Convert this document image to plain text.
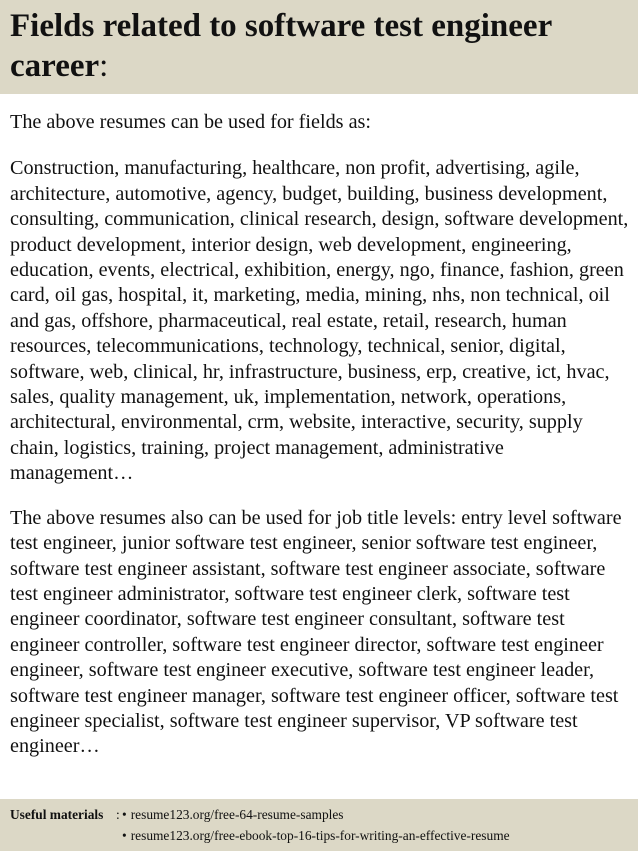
Fields related to software test engineer career:

The above resumes can be used for fields as:

Construction, manufacturing, healthcare, non profit, advertising, agile, architecture, automotive, agency, budget, building, business development, consulting, communication, clinical research, design, software development, product development, interior design, web development, engineering, education, events, electrical, exhibition, energy, ngo, finance, fashion, green card, oil gas, hospital, it, marketing, media, mining, nhs, non technical, oil and gas, offshore, pharmaceutical, real estate, retail, research, human resources, telecommunications, technology, technical, senior, digital, software, web, clinical, hr, infrastructure, business, erp, creative, ict, hvac, sales, quality management, uk, implementation, network, operations, architectural, environmental, crm, website, interactive, security, supply chain, logistics, training, project management, administrative management…

The above resumes also can be used for job title levels: entry level software test engineer, junior software test engineer, senior software test engineer, software test engineer assistant, software test engineer associate, software test engineer administrator, software test engineer clerk, software test engineer coordinator, software test engineer consultant, software test engineer controller, software test engineer director, software test engineer engineer, software test engineer executive, software test engineer leader, software test engineer manager, software test engineer officer, software test engineer specialist, software test engineer supervisor, VP software test engineer…

Useful materials : • resume123.org/free-64-resume-samples
• resume123.org/free-ebook-top-16-tips-for-writing-an-effective-resume
